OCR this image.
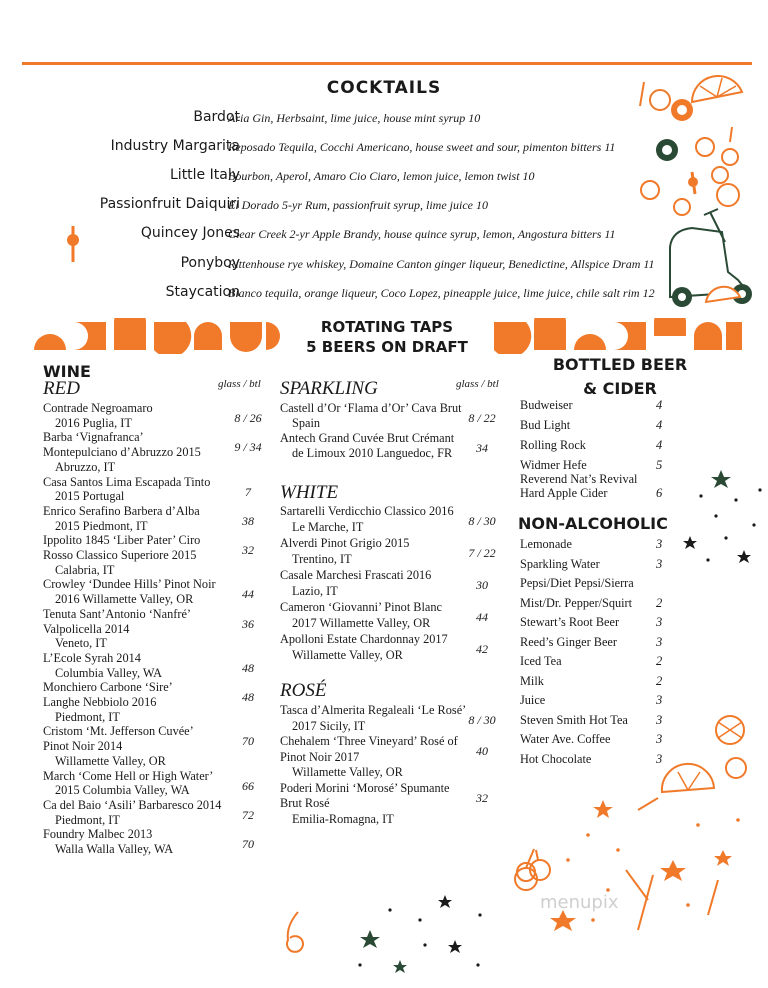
COCKTAILS
Bardot
Aria Gin, Herbsaint, lime juice, house mint syrup 10
Industry Margarita
Reposado Tequila, Cocchi Americano, house sweet and sour, pimenton bitters 11
Little Italy
Bourbon, Aperol, Amaro Cio Ciaro, lemon juice, lemon twist 10
Passionfruit Daiquiri
El Dorado 5-yr Rum, passionfruit syrup, lime juice 10
Quincey Jones
Clear Creek 2-yr Apple Brandy, house quince syrup, lemon, Angostura bitters 11
Ponyboy
Rittenhouse rye whiskey, Domaine Canton ginger liqueur, Benedictine, Allspice Dram 11
Staycation
Blanco tequila, orange liqueur, Coco Lopez, pineapple juice, lime juice, chile salt rim 12
ROTATING TAPS
5 BEERS ON DRAFT
WINE
RED	glass / btl
Contrade Negroamaro
2016 Puglia, IT	8 / 26
Barba ‘Vignafranca’
Montepulciano d’Abruzzo 2015
Abruzzo, IT
9 / 34
Casa Santos Lima Escapada Tinto
2015 Portugal	7
Enrico Serafino Barbera d’Alba
2015 Piedmont, IT	38
Ippolito 1845 ‘Liber Pater’ Ciro
Rosso Classico Superiore 2015
Calabria, IT
32
Crowley ‘Dundee Hills’ Pinot Noir
2016 Willamette Valley, OR	44
Tenuta Sant’Antonio ‘Nanfré’
Valpolicella 2014
Veneto, IT
36
L’Ecole Syrah 2014
Columbia Valley, WA	48
Monchiero Carbone ‘Sire’
Langhe Nebbiolo 2016
Piedmont, IT
48
Cristom ‘Mt. Jefferson Cuvée’
Pinot Noir 2014
Willamette Valley, OR
70
March ‘Come Hell or High Water’
2015 Columbia Valley, WA	66
Ca del Baio ‘Asili’ Barbaresco 2014
Piedmont, IT	72
Foundry Malbec 2013
Walla Walla Valley, WA	70
SPARKLING	glass / btl
Castell d’Or ‘Flama d’Or’ Cava Brut
Spain	8 / 22
Antech Grand Cuvée Brut Crémant
de Limoux 2010 Languedoc, FR	34
WHITE
Sartarelli Verdicchio Classico 2016
Le Marche, IT	8 / 30
Alverdi Pinot Grigio 2015
Trentino, IT	7 / 22
Casale Marchesi Frascati 2016
Lazio, IT	30
Cameron ‘Giovanni’ Pinot Blanc
2017 Willamette Valley, OR	44
Apolloni Estate Chardonnay 2017
Willamette Valley, OR	42
ROSÉ
Tasca d’Almerita Regaleali ‘Le Rosé’
2017 Sicily, IT	8 / 30
Chehalem ‘Three Vineyard’ Rosé of
Pinot Noir 2017
Willamette Valley, OR
40
Poderi Morini ‘Morosé’ Spumante
Brut Rosé
Emilia-Romagna, IT
32
BOTTLED BEER
& CIDER
Budweiser	4
Bud Light	4
Rolling Rock	4
Widmer Hefe	5
Reverend Nat’s Revival
Hard Apple Cider	6
NON-ALCOHOLIC
Lemonade	3
Sparkling Water	3
Pepsi/Diet Pepsi/Sierra
Mist/Dr. Pepper/Squirt 2
Stewart’s Root Beer	3
Reed’s Ginger Beer	3
Iced Tea	2
Milk	2
Juice	3
Steven Smith Hot Tea 3
Water Ave. Coffee	3
Hot Chocolate	3
menupix
